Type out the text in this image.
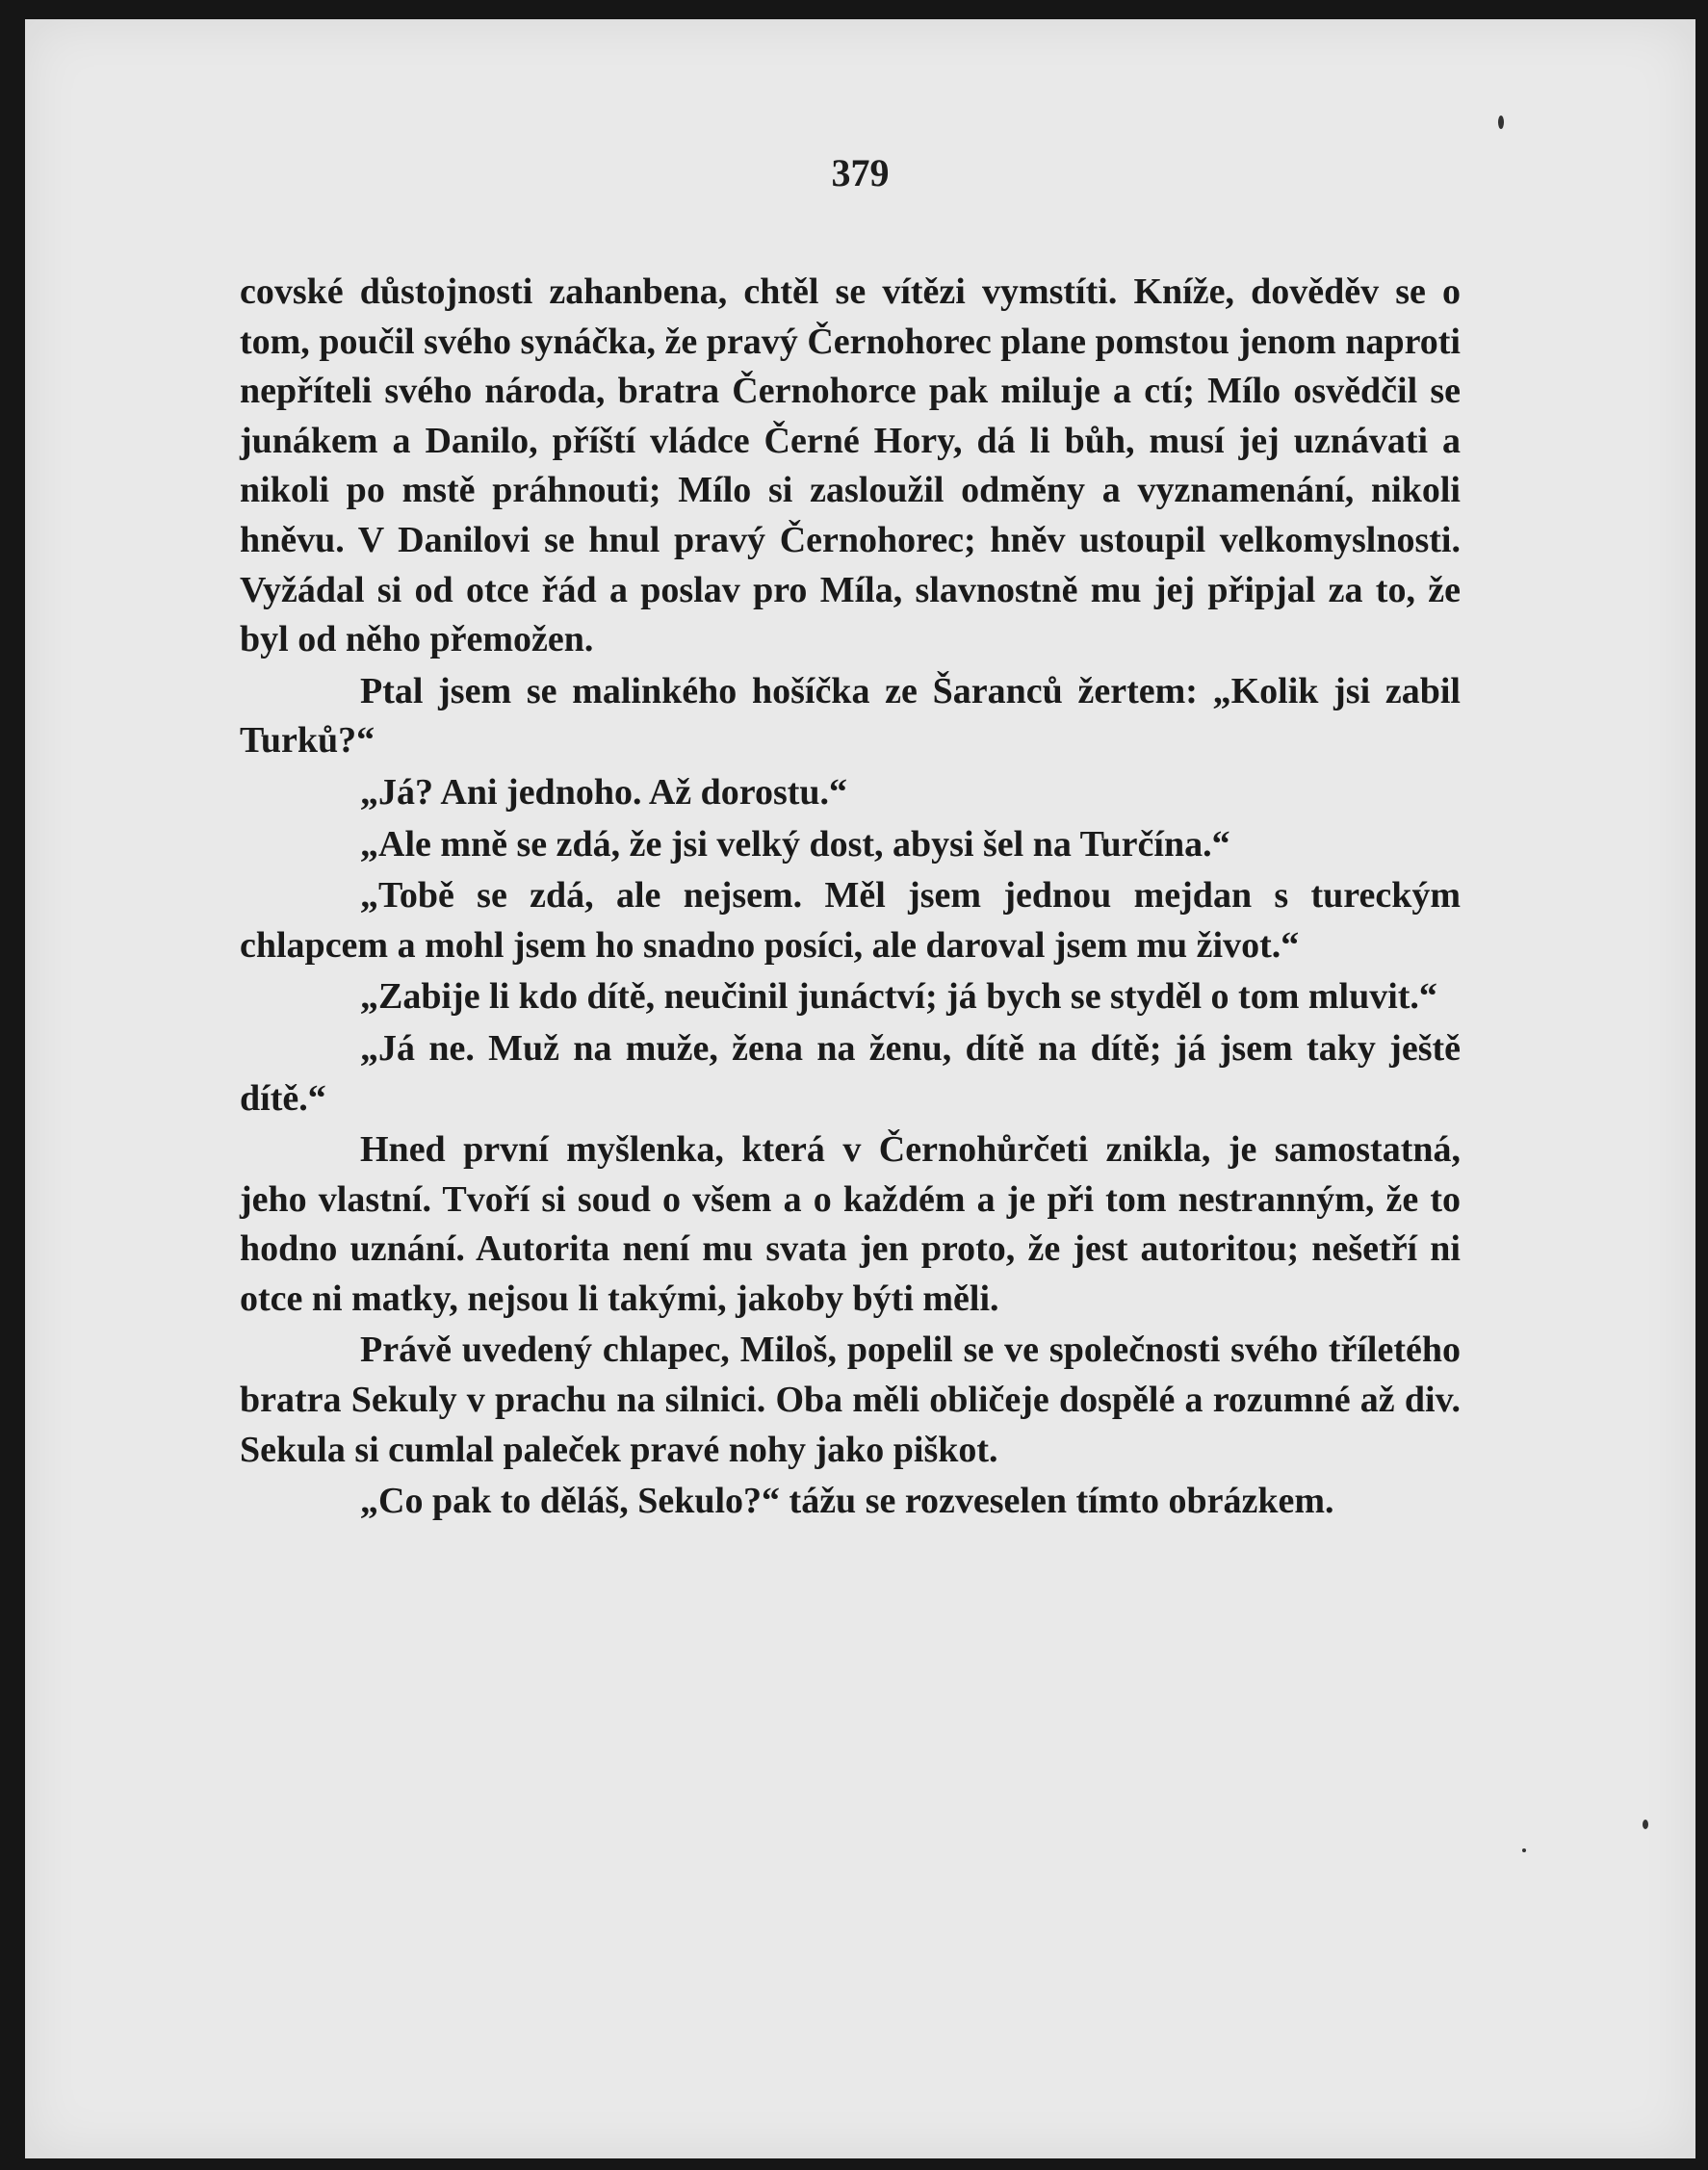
379

covské důstojnosti zahanbena, chtěl se vítězi vymstíti. Kníže, dověděv se o tom, poučil svého synáčka, že pravý Černohorec plane pomstou jenom naproti nepříteli svého národa, bratra Černohorce pak miluje a ctí; Mílo osvědčil se junákem a Danilo, příští vládce Černé Hory, dá li bůh, musí jej uznávati a nikoli po mstě práhnouti; Mílo si zasloužil odměny a vyznamenání, nikoli hněvu. V Danilovi se hnul pravý Černohorec; hněv ustoupil velkomyslnosti. Vyžádal si od otce řád a poslav pro Míla, slavnostně mu jej připjal za to, že byl od něho přemožen.

Ptal jsem se malinkého hošíčka ze Šaranců žertem: „Kolik jsi zabil Turků?“

„Já? Ani jednoho. Až dorostu.“

„Ale mně se zdá, že jsi velký dost, abysi šel na Turčína.“

„Tobě se zdá, ale nejsem. Měl jsem jednou mejdan s tureckým chlapcem a mohl jsem ho snadno posíci, ale daroval jsem mu život.“

„Zabije li kdo dítě, neučinil junáctví; já bych se styděl o tom mluvit.“

„Já ne. Muž na muže, žena na ženu, dítě na dítě; já jsem taky ještě dítě.“

Hned první myšlenka, která v Černohůrčeti znikla, je samostatná, jeho vlastní. Tvoří si soud o všem a o každém a je při tom nestranným, že to hodno uznání. Autorita není mu svata jen proto, že jest autoritou; nešetří ni otce ni matky, nejsou li takými, jakoby býti měli.

Právě uvedený chlapec, Miloš, popelil se ve společnosti svého tříletého bratra Sekuly v prachu na silnici. Oba měli obličeje dospělé a rozumné až div. Sekula si cumlal paleček pravé nohy jako piškot.

„Co pak to děláš, Sekulo?“ tážu se rozveselen tímto obrázkem.
